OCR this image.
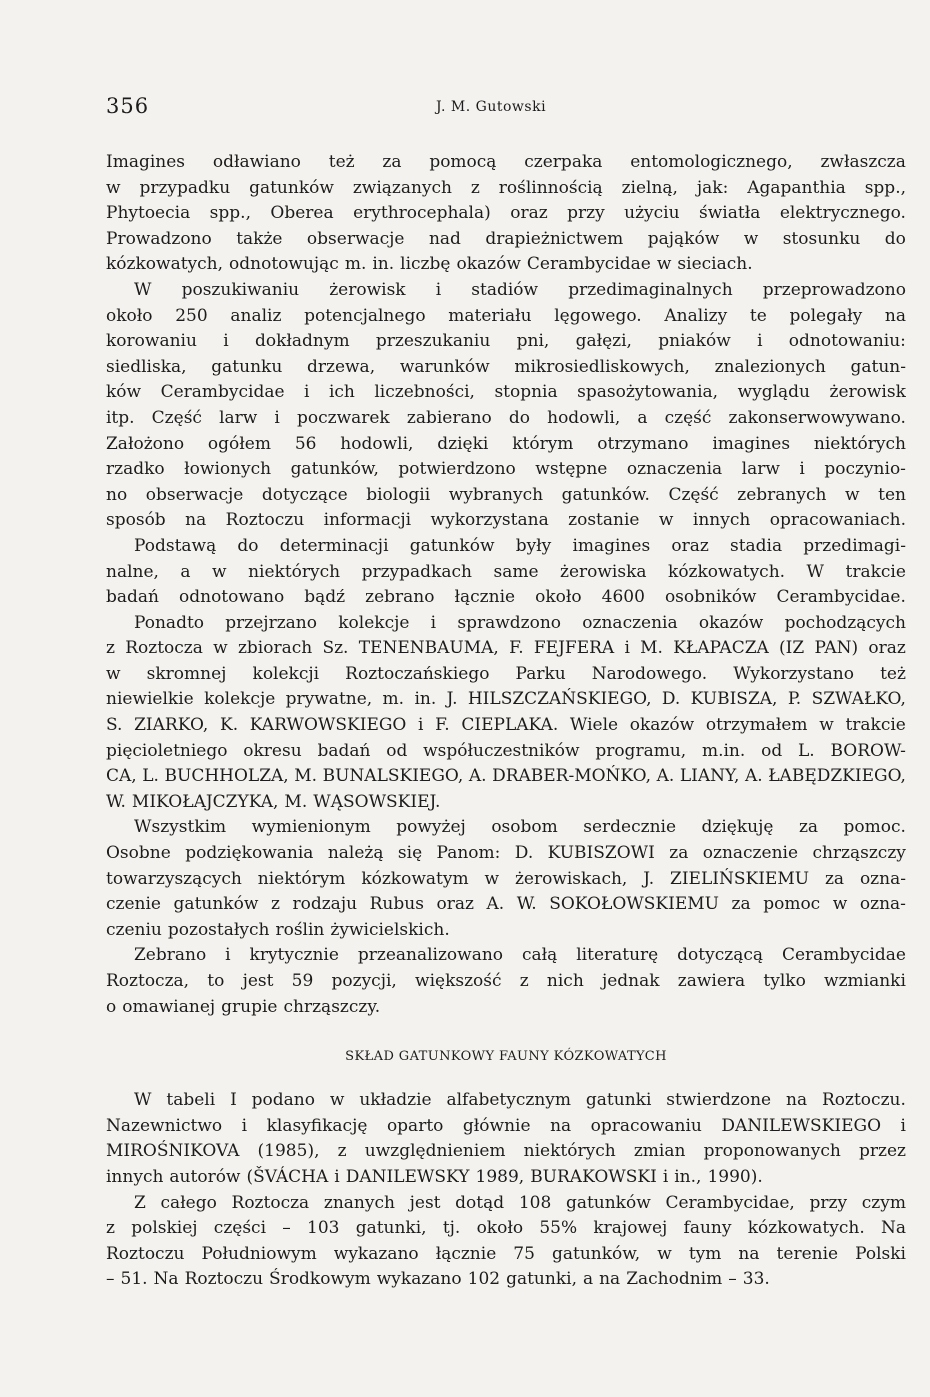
356	J. M. Gutowski
Imagines odławiano też za pomocą czerpaka entomologicznego, zwłaszcza
w przypadku gatunków związanych z roślinnością zielną, jak: Agapanthia spp.,
Phytoecia spp., Oberea erythrocephala) oraz przy użyciu światła elektrycznego.
Prowadzono także obserwacje nad drapieżnictwem pająków w stosunku do
kózkowatych, odnotowując m. in. liczbę okazów Cerambycidae w sieciach.
W poszukiwaniu żerowisk i stadiów przedimaginalnych przeprowadzono
około 250 analiz potencjalnego materiału lęgowego. Analizy te polegały na
korowaniu i dokładnym przeszukaniu pni, gałęzi, pniaków i odnotowaniu:
siedliska, gatunku drzewa, warunków mikrosiedliskowych, znalezionych gatun-
ków Cerambycidae i ich liczebności, stopnia spasożytowania, wyglądu żerowisk
itp. Część larw i poczwarek zabierano do hodowli, a część zakonserwowywano.
Założono ogółem 56 hodowli, dzięki którym otrzymano imagines niektórych
rzadko łowionych gatunków, potwierdzono wstępne oznaczenia larw i poczynio-
no obserwacje dotyczące biologii wybranych gatunków. Część zebranych w ten
sposób na Roztoczu informacji wykorzystana zostanie w innych opracowaniach.
Podstawą do determinacji gatunków były imagines oraz stadia przedimagi-
nalne, a w niektórych przypadkach same żerowiska kózkowatych. W trakcie
badań odnotowano bądź zebrano łącznie około 4600 osobników Cerambycidae.
Ponadto przejrzano kolekcje i sprawdzono oznaczenia okazów pochodzących
z Roztocza w zbiorach Sz. TENENBAUMA, F. FEJFERA i M. KŁAPACZA (IZ PAN) oraz
w skromnej kolekcji Roztoczańskiego Parku Narodowego. Wykorzystano też
niewielkie kolekcje prywatne, m. in. J. HILSZCZAŃSKIEGO, D. KUBISZA, P. SZWAŁKO,
S. ZIARKO, K. KARWOWSKIEGO i F. CIEPLAKA. Wiele okazów otrzymałem w trakcie
pięcioletniego okresu badań od współuczestników programu, m.in. od L. BOROW-
CA, L. BUCHHOLZA, M. BUNALSKIEGO, A. DRABER-MOŃKO, A. LIANY, A. ŁABĘDZKIEGO,
W. MIKOŁAJCZYKA, M. WĄSOWSKIEJ.
Wszystkim wymienionym powyżej osobom serdecznie dziękuję za pomoc.
Osobne podziękowania należą się Panom: D. KUBISZOWI za oznaczenie chrząszczy
towarzyszących niektórym kózkowatym w żerowiskach, J. ZIELIŃSKIEMU za ozna-
czenie gatunków z rodzaju Rubus oraz A. W. SOKOŁOWSKIEMU za pomoc w ozna-
czeniu pozostałych roślin żywicielskich.
Zebrano i krytycznie przeanalizowano całą literaturę dotyczącą Cerambycidae
Roztocza, to jest 59 pozycji, większość z nich jednak zawiera tylko wzmianki
o omawianej grupie chrząszczy.
SKŁAD GATUNKOWY FAUNY KÓZKOWATYCH
W tabeli I podano w układzie alfabetycznym gatunki stwierdzone na Roztoczu.
Nazewnictwo i klasyfikację oparto głównie na opracowaniu DANILEWSKIEGO i
MIROŚNIKOVA (1985), z uwzględnieniem niektórych zmian proponowanych przez
innych autorów (ŠVÁCHA i DANILEWSKY 1989, BURAKOWSKI i in., 1990).
Z całego Roztocza znanych jest dotąd 108 gatunków Cerambycidae, przy czym
z polskiej części – 103 gatunki, tj. około 55% krajowej fauny kózkowatych. Na
Roztoczu Południowym wykazano łącznie 75 gatunków, w tym na terenie Polski
– 51. Na Roztoczu Środkowym wykazano 102 gatunki, a na Zachodnim – 33.
